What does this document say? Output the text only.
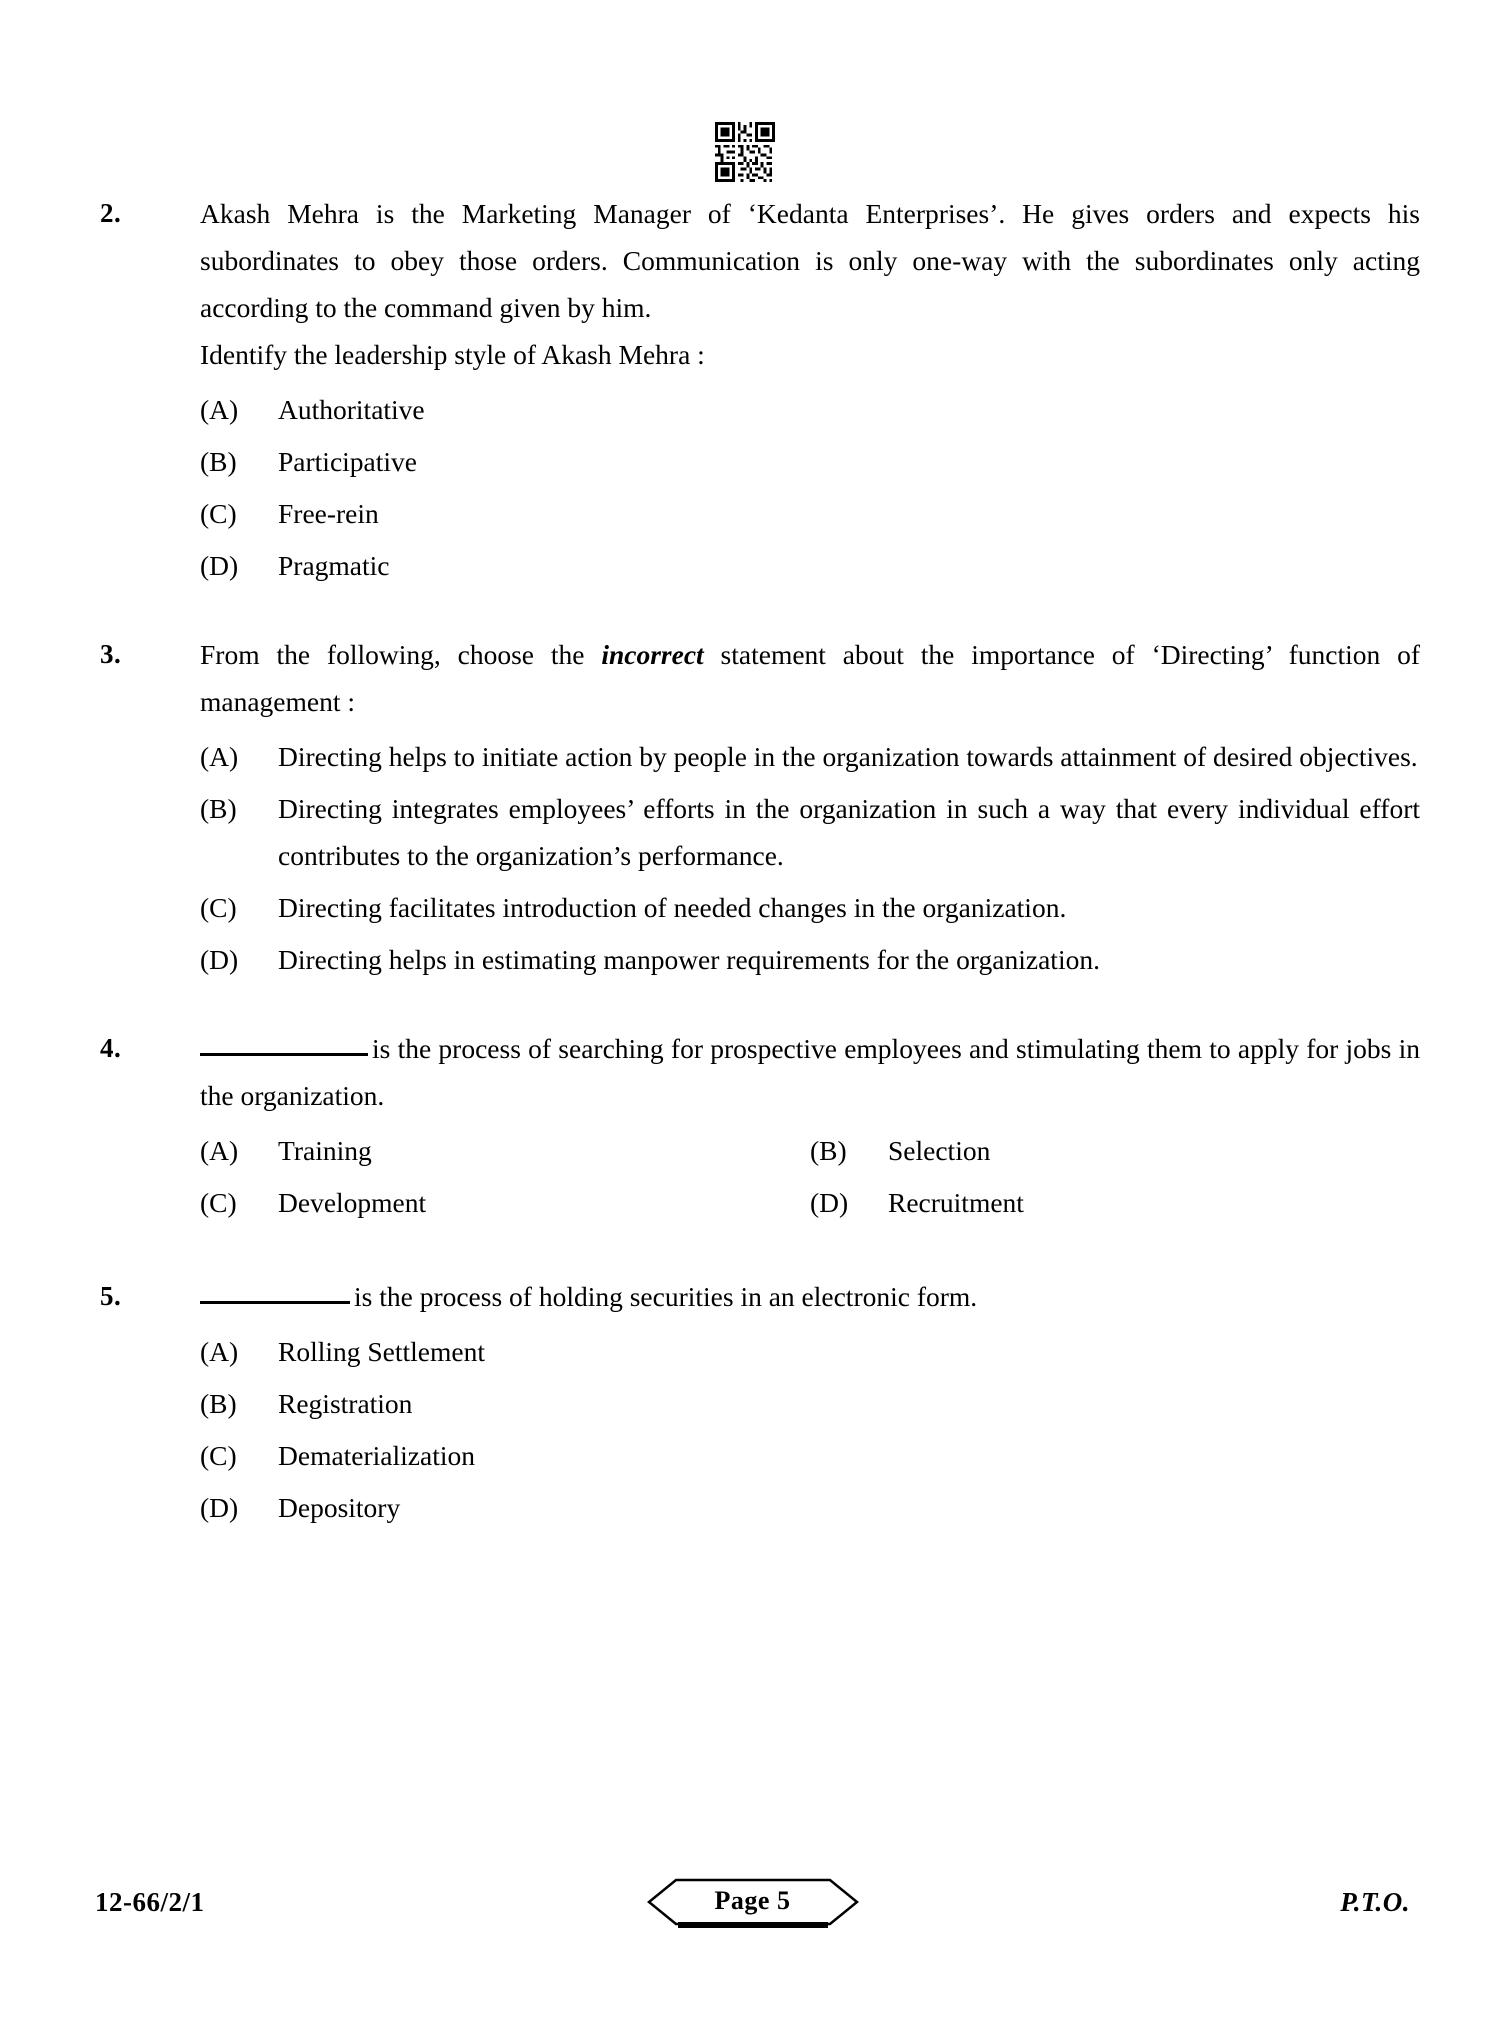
2.	Akash Mehra is the Marketing Manager of ‘Kedanta Enterprises’. He gives orders and expects his subordinates to obey those orders. Communication is only one-way with the subordinates only acting according to the command given by him.

Identify the leadership style of Akash Mehra :

(A)	Authoritative
(B)	Participative
(C)	Free-rein
(D)	Pragmatic
3.	From the following, choose the incorrect statement about the importance of ‘Directing’ function of management :

(A)	Directing helps to initiate action by people in the organization towards attainment of desired objectives.
(B)	Directing integrates employees’ efforts in the organization in such a way that every individual effort contributes to the organization’s performance.
(C)	Directing facilitates introduction of needed changes in the organization.
(D)	Directing helps in estimating manpower requirements for the organization.
4.	is the process of searching for prospective employees and stimulating them to apply for jobs in the organization.

(A)	Training	(B)	Selection
(C)	Development	(D)	Recruitment
5.	is the process of holding securities in an electronic form.

(A)	Rolling Settlement
(B)	Registration
(C)	Dematerialization
(D)	Depository
12-66/2/1	Page 5	P.T.O.
